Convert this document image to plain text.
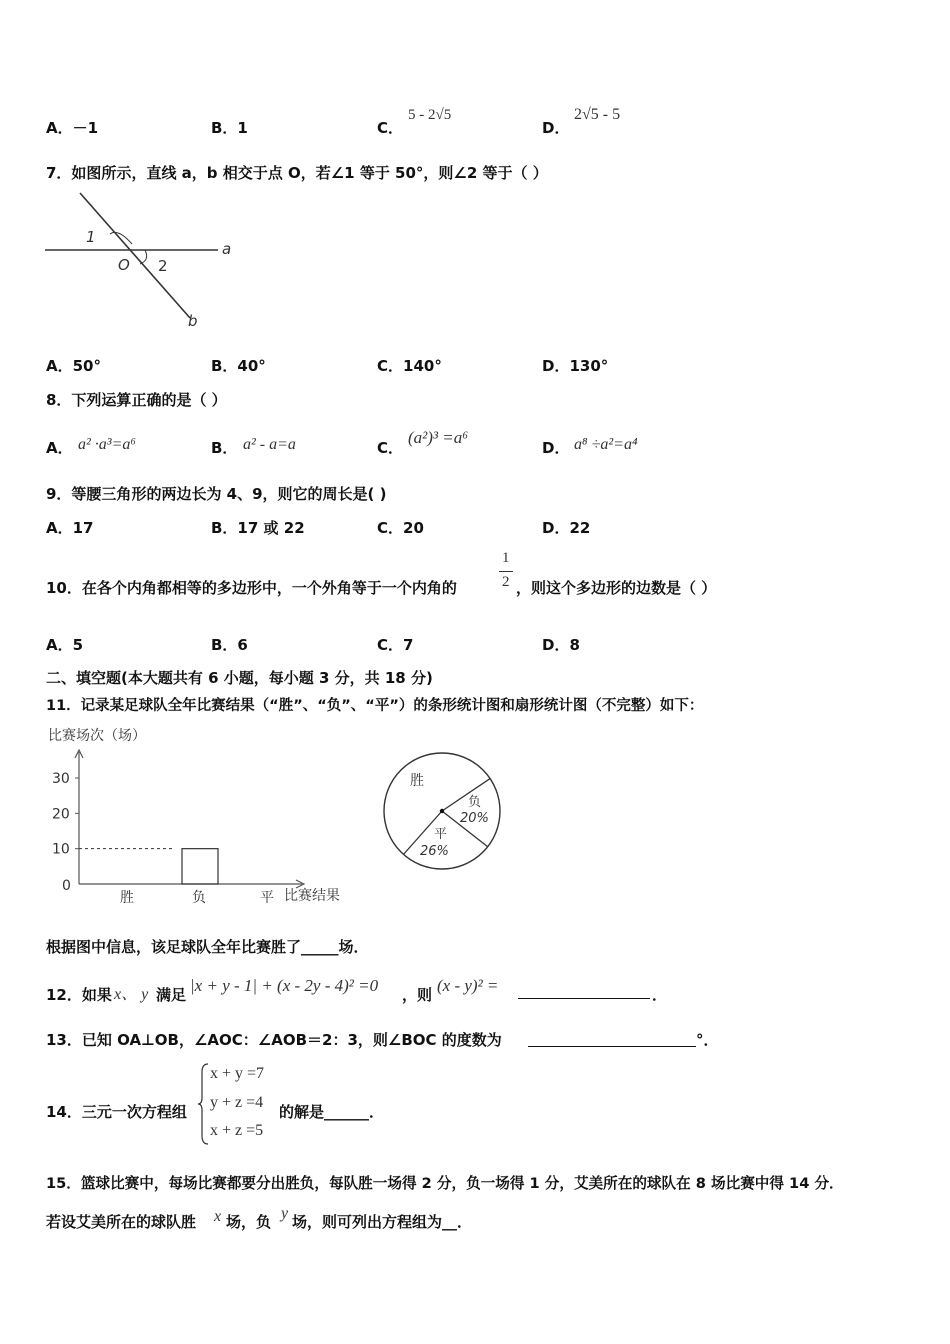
A．－1	B．1	C．
5 - 2√5
D．
2√5 - 5
7．如图所示，直线 a，b 相交于点 O，若∠1 等于 50°，则∠2 等于（ ）
1
2
O
a
b
A．50°	B．40°	C．140°	D．130°
8．下列运算正确的是（ ）
A． a² ·a³=a⁶	B． a² - a=a	C．
(a²)³ =a⁶
D． a⁸ ÷a²=a⁴
9．等腰三角形的两边长为 4、9，则它的周长是( )
A．17	B．17 或 22	C．20	D．22
10．在各个内角都相等的多边形中，一个外角等于一个内角的
1
2 ，则这个多边形的边数是（ ）
A．5	B．6	C．7	D．8
二、填空题(本大题共有 6 小题，每小题 3 分，共 18 分)
11．记录某足球队全年比赛结果（“胜”、“负”、“平”）的条形统计图和扇形统计图（不完整）如下：
比赛场次（场）
0
10
20
30
胜	负	平 比赛结果
胜
负
20%
平
26%
根据图中信息，该足球队全年比赛胜了_____场．
12．如果 x、 y 满足 |x + y - 1| + (x - 2y - 4)² =0 ，则 (x - y)² =	．
13．已知 OA⊥OB，∠AOC：∠AOB＝2：3，则∠BOC 的度数为	°．
14．三元一次方程组
x + y =7
y + z =4
x + z =5
的解是______．
15．篮球比赛中，每场比赛都要分出胜负，每队胜一场得 2 分，负一场得 1 分，艾美所在的球队在 8 场比赛中得 14 分．
若设艾美所在的球队胜 x 场，负 y 场，则可列出方程组为__．
